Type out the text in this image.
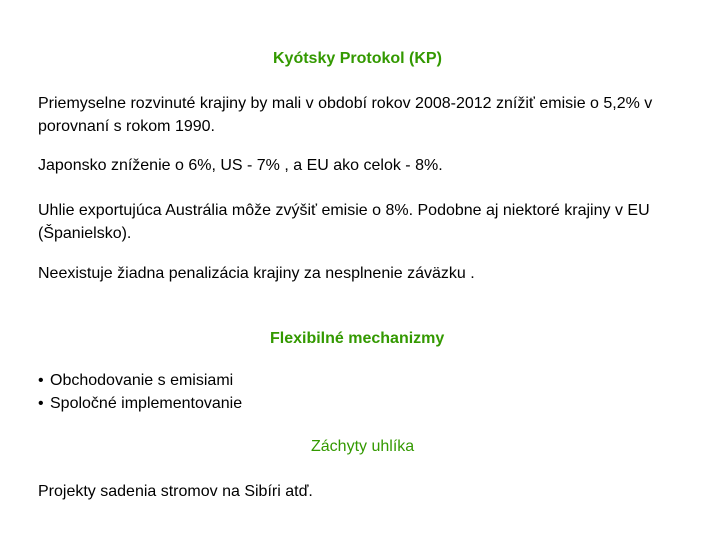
Kyótsky Protokol (KP)

Priemyselne rozvinuté krajiny by mali v období rokov 2008-2012 znížiť emisie o 5,2% v porovnaní s rokom 1990.

Japonsko zníženie o 6%, US - 7% , a EU ako celok - 8%.

Uhlie exportujúca Austrália môže zvýšiť emisie o 8%. Podobne aj niektoré krajiny v EU (Španielsko).

Neexistuje žiadna penalizácia krajiny za nesplnenie záväzku .

Flexibilné mechanizmy
• Obchodovanie s emisiami
• Spoločné implementovanie
Záchyty uhlíka

Projekty sadenia stromov na Sibíri atď.
